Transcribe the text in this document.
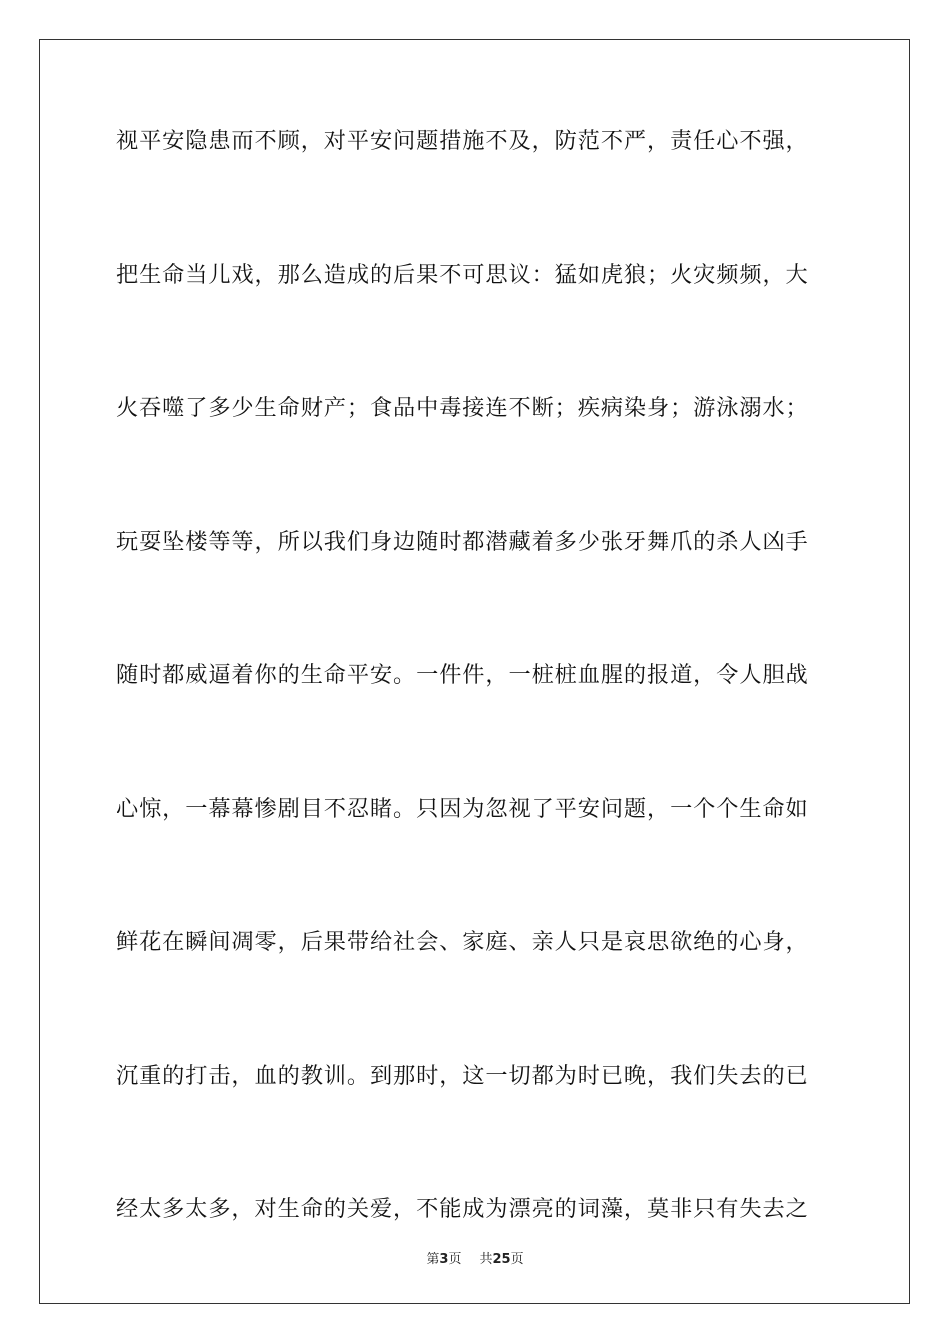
视平安隐患而不顾，对平安问题措施不及，防范不严，责任心不强，
把生命当儿戏，那么造成的后果不可思议：猛如虎狼；火灾频频，大
火吞噬了多少生命财产；食品中毒接连不断；疾病染身；游泳溺水；
玩耍坠楼等等，所以我们身边随时都潜藏着多少张牙舞爪的杀人凶手
随时都威逼着你的生命平安。一件件，一桩桩血腥的报道，令人胆战
心惊，一幕幕惨剧目不忍睹。只因为忽视了平安问题，一个个生命如
鲜花在瞬间凋零，后果带给社会、家庭、亲人只是哀思欲绝的心身，
沉重的打击，血的教训。到那时，这一切都为时已晚，我们失去的已
经太多太多，对生命的关爱，不能成为漂亮的词藻，莫非只有失去之
第3页 共25页
